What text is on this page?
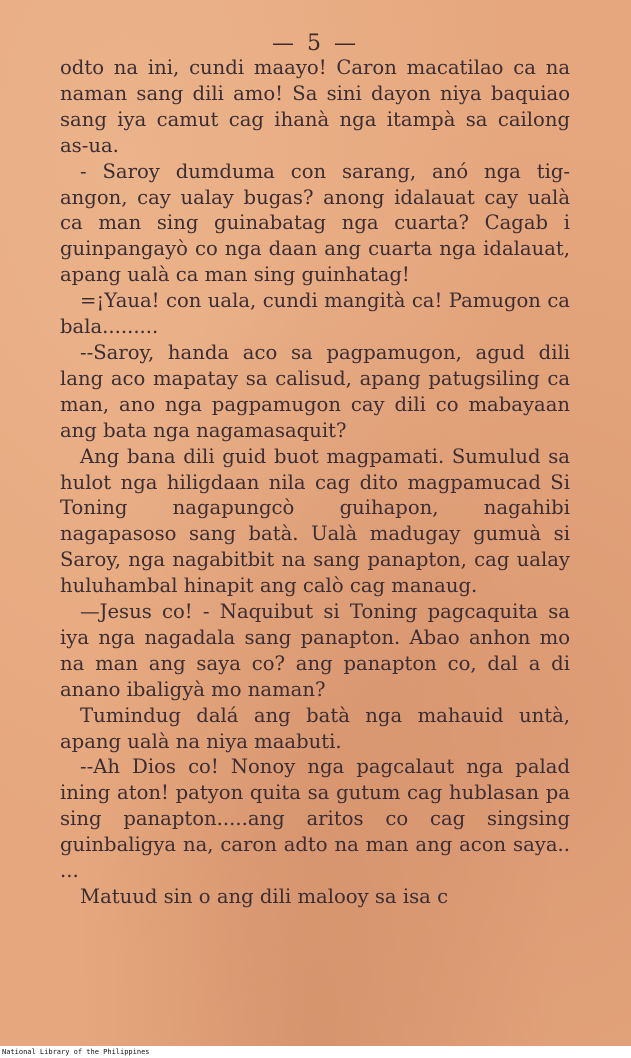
— 5 —

odto na ini, cundi maayo! Caron macatilao ca na naman sang dili amo! Sa sini dayon niya baquiao sang iya camut cag ihanà nga itampà sa cailong as-ua.

- Saroy dumduma con sarang, anó nga tig-angon, cay ualay bugas? anong idalauat cay ualà ca man sing guinabatag nga cuarta? Cagab i guinpangayò co nga daan ang cuarta nga idalauat, apang ualà ca man sing guinhatag!

=¡Yaua! con uala, cundi mangità ca! Pamugon ca bala.........

--Saroy, handa aco sa pagpamugon, agud dili lang aco mapatay sa calisud, apang patugsiling ca man, ano nga pagpamugon cay dili co mabayaan ang bata nga nagamasaquit?

Ang bana dili guid buot magpamati. Sumulud sa hulot nga hiligdaan nila cag dito magpamucad Si Toning nagapungcò guihapon, nagahibi nagapasoso sang batà. Ualà madugay gumuà si Saroy, nga nagabitbit na sang panapton, cag ualay huluhambal hinapit ang calò cag manaug.

—Jesus co! - Naquibut si Toning pagcaquita sa iya nga nagadala sang panapton. Abao anhon mo na man ang saya co? ang panapton co, dal a di anano ibaligyà mo naman?

Tumindug dalá ang batà nga mahauid untà, apang ualà na niya maabuti.

--Ah Dios co! Nonoy nga pagcalaut nga palad ining aton! patyon quita sa gutum cag hublasan pa sing panapton.....ang aritos co cag singsing guinbaligya na, caron adto na man ang acon saya.. ...

Matuud sin o ang dili malooy sa isa c

National Library of the Philippines
